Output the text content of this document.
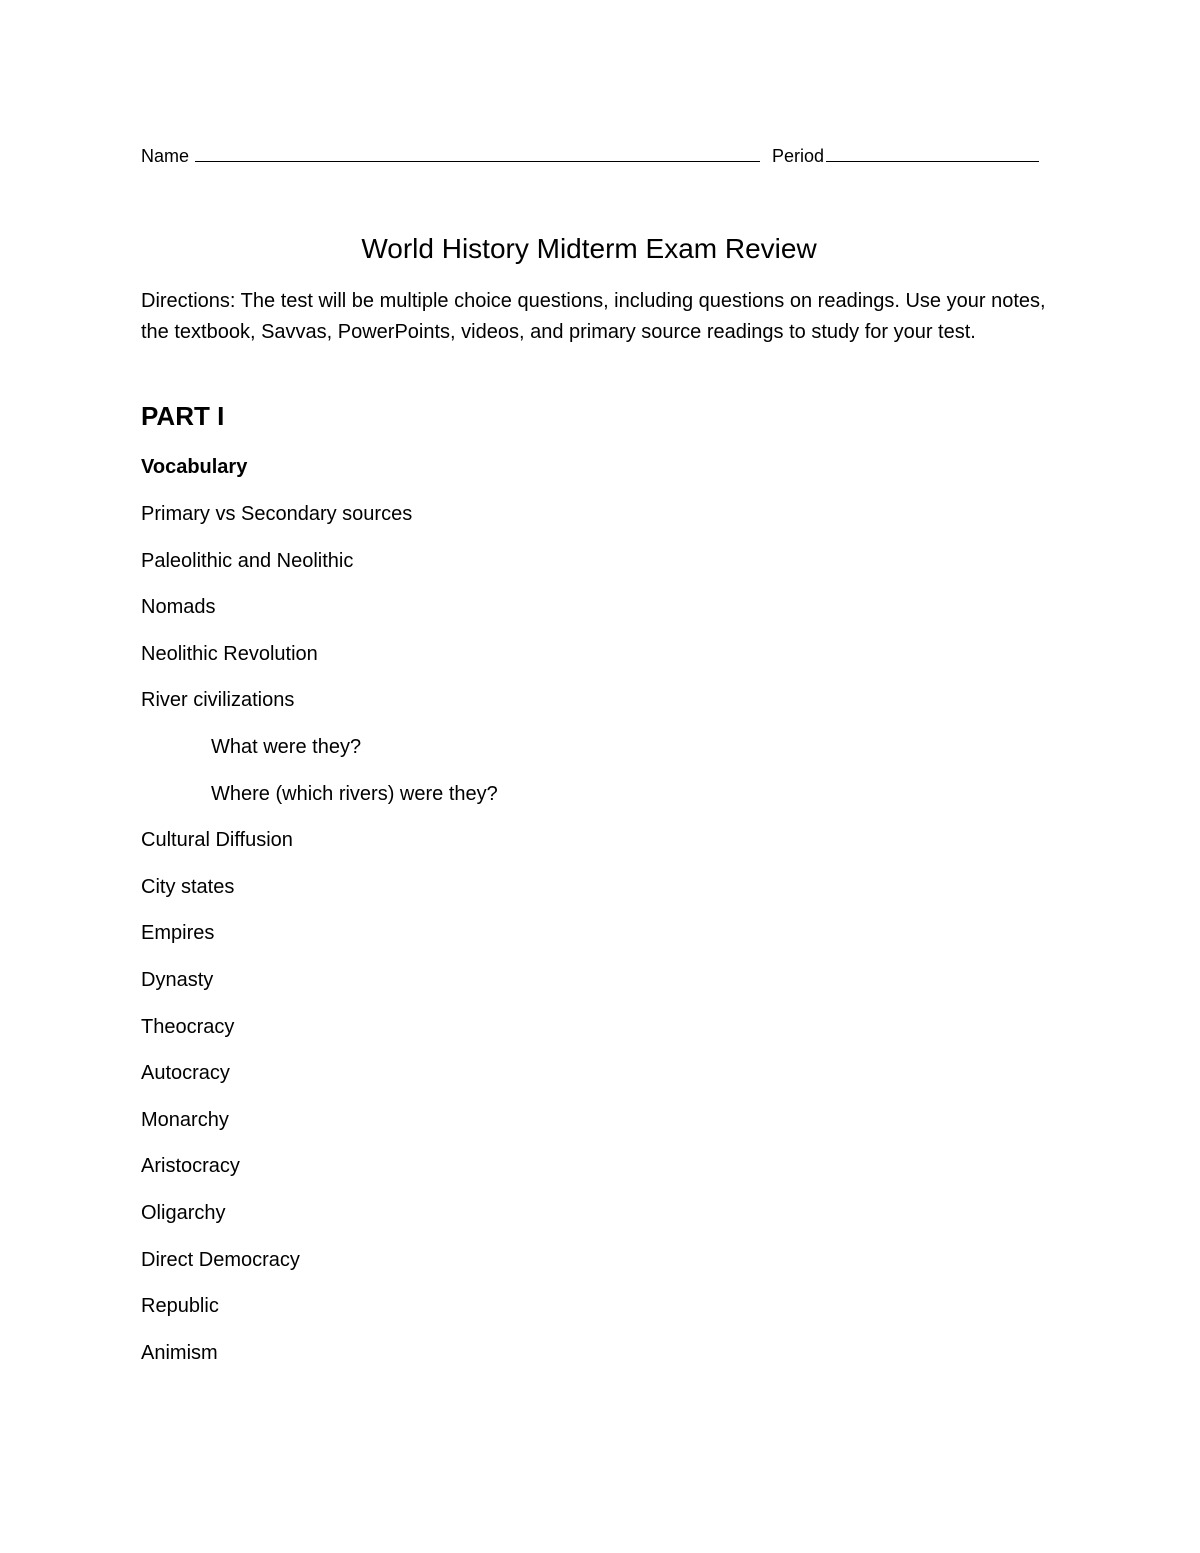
Name	Period
World History Midterm Exam Review
Directions: The test will be multiple choice questions, including questions on readings. Use your notes, the textbook, Savvas, PowerPoints, videos, and primary source readings to study for your test.
PART I
Vocabulary
Primary vs Secondary sources
Paleolithic and Neolithic
Nomads
Neolithic Revolution
River civilizations
What were they?
Where (which rivers) were they?
Cultural Diffusion
City states
Empires
Dynasty
Theocracy
Autocracy
Monarchy
Aristocracy
Oligarchy
Direct Democracy
Republic
Animism
